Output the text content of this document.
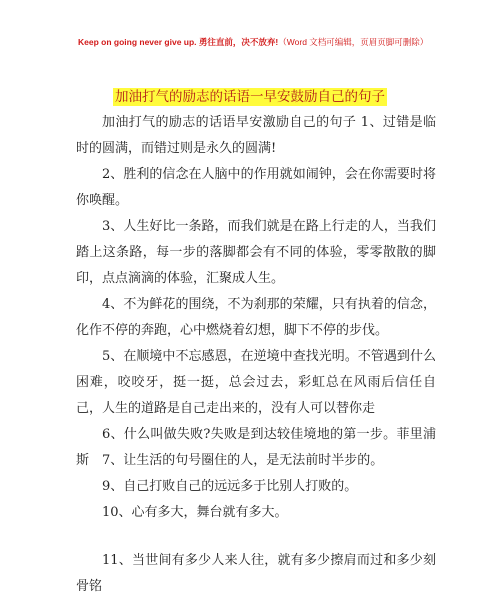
Keep on going never give up. 勇往直前，决不放弃!（Word 文档可编辑，页眉页脚可删除）
加油打气的励志的话语一早安鼓励自己的句子
加油打气的励志的话语早安激励自己的句子 1、过错是临时的圆满，而错过则是永久的圆满!
2、胜利的信念在人脑中的作用就如闹钟，会在你需要时将你唤醒。
3、人生好比一条路，而我们就是在路上行走的人，当我们踏上这条路，每一步的落脚都会有不同的体验，零零散散的脚印，点点滴滴的体验，汇聚成人生。
4、不为鲜花的围绕，不为刹那的荣耀，只有执着的信念，化作不停的奔跑，心中燃烧着幻想，脚下不停的步伐。
5、在顺境中不忘感恩，在逆境中查找光明。不管遇到什么困难，咬咬牙，挺一挺，总会过去，彩虹总在风雨后信任自己，人生的道路是自己走出来的，没有人可以替你走
6、什么叫做失败?失败是到达较佳境地的第一步。菲里浦斯 7、让生活的句号圈住的人，是无法前时半步的。
9、自己打败自己的远远多于比别人打败的。
10、心有多大，舞台就有多大。
11、当世间有多少人来人往，就有多少擦肩而过和多少刻骨铭
